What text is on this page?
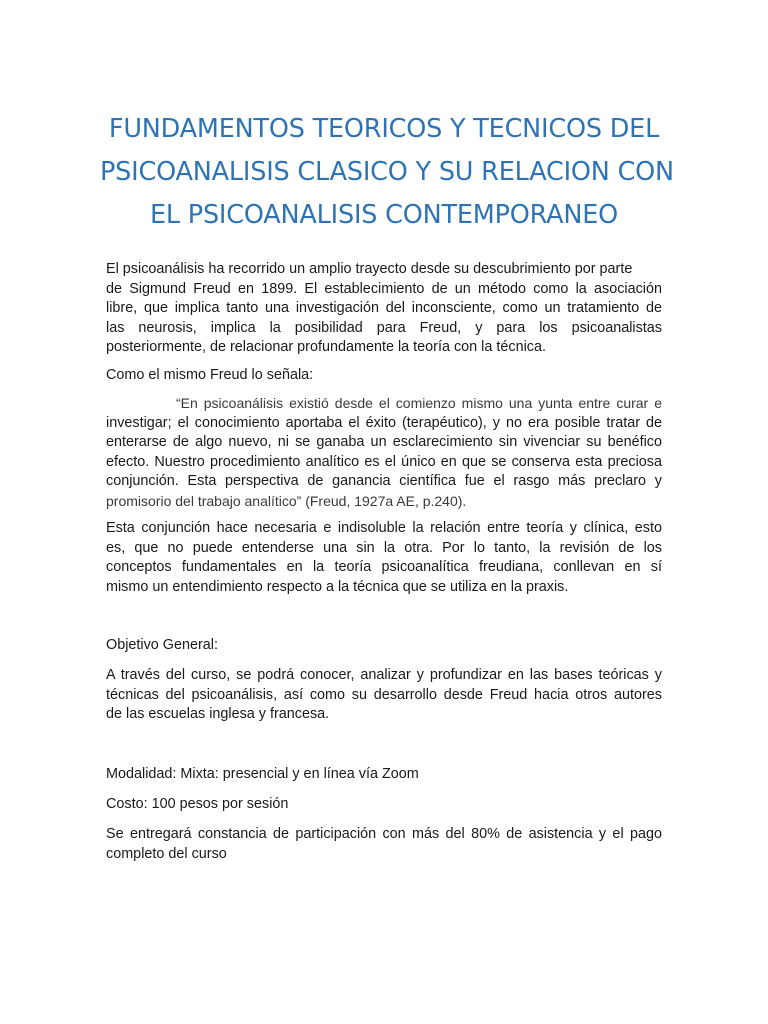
FUNDAMENTOS TEORICOS Y TECNICOS DEL
PSICOANALISIS CLASICO Y SU RELACION CON
EL PSICOANALISIS CONTEMPORANEO
El psicoanálisis ha recorrido un amplio trayecto desde su descubrimiento por parte
de Sigmund Freud en 1899. El establecimiento de un método como la asociación
libre, que implica tanto una investigación del inconsciente, como un tratamiento de
las neurosis, implica la posibilidad para Freud, y para los psicoanalistas
posteriormente, de relacionar profundamente la teoría con la técnica.

Como el mismo Freud lo señala:

“En psicoanálisis existió desde el comienzo mismo una yunta entre curar e
investigar; el conocimiento aportaba el éxito (terapéutico), y no era posible tratar de
enterarse de algo nuevo, ni se ganaba un esclarecimiento sin vivenciar su benéfico
efecto. Nuestro procedimiento analítico es el único en que se conserva esta preciosa
conjunción. Esta perspectiva de ganancia científica fue el rasgo más preclaro y
promisorio del trabajo analítico” (Freud, 1927a AE, p.240).
Esta conjunción hace necesaria e indisoluble la relación entre teoría y clínica, esto
es, que no puede entenderse una sin la otra. Por lo tanto, la revisión de los
conceptos fundamentales en la teoría psicoanalítica freudiana, conllevan en sí
mismo un entendimiento respecto a la técnica que se utiliza en la praxis.

Objetivo General:

A través del curso, se podrá conocer, analizar y profundizar en las bases teóricas y
técnicas del psicoanálisis, así como su desarrollo desde Freud hacia otros autores
de las escuelas inglesa y francesa.

Modalidad: Mixta: presencial y en línea vía Zoom

Costo: 100 pesos por sesión

Se entregará constancia de participación con más del 80% de asistencia y el pago
completo del curso
